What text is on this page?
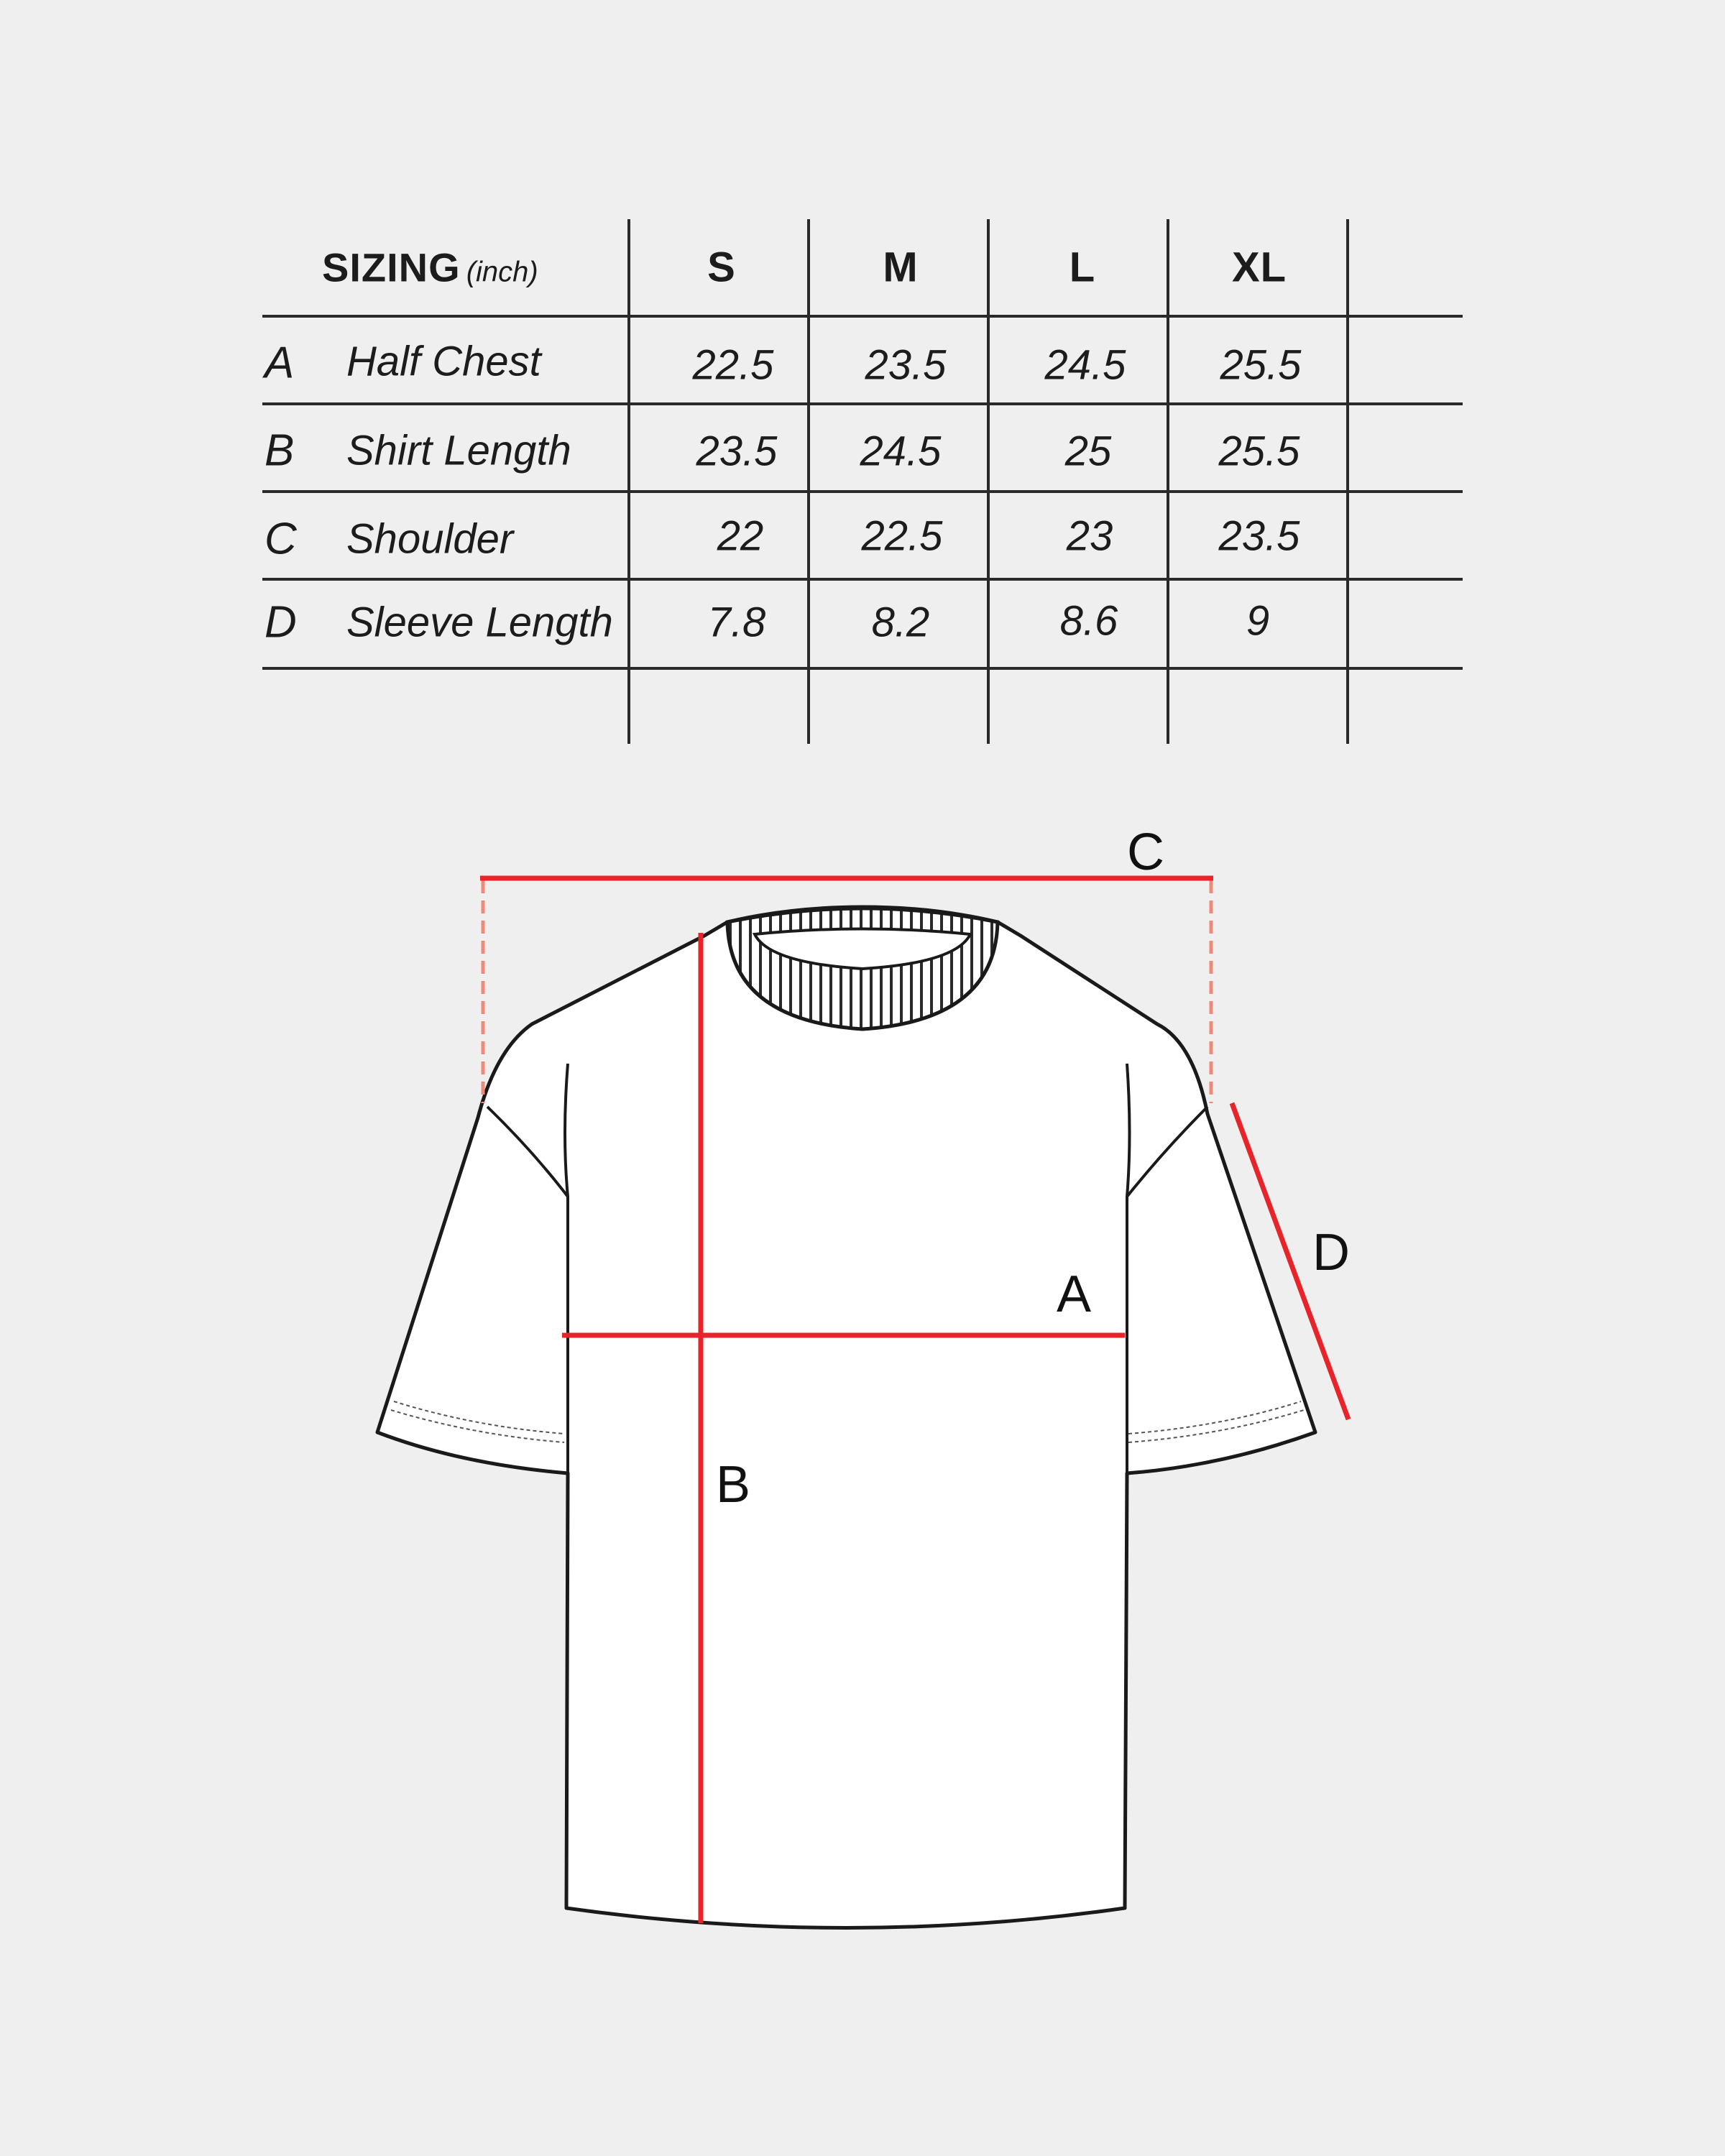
SIZING (inch)	S	M	L	XL
A Half Chest	22.5 23.5 24.5 25.5
B Shirt Length	23.5 24.5	25	25.5
C Shoulder	22 22.5	23	23.5
D Sleeve Length 7.8	8.2	8.6	9
C
A
B
D
